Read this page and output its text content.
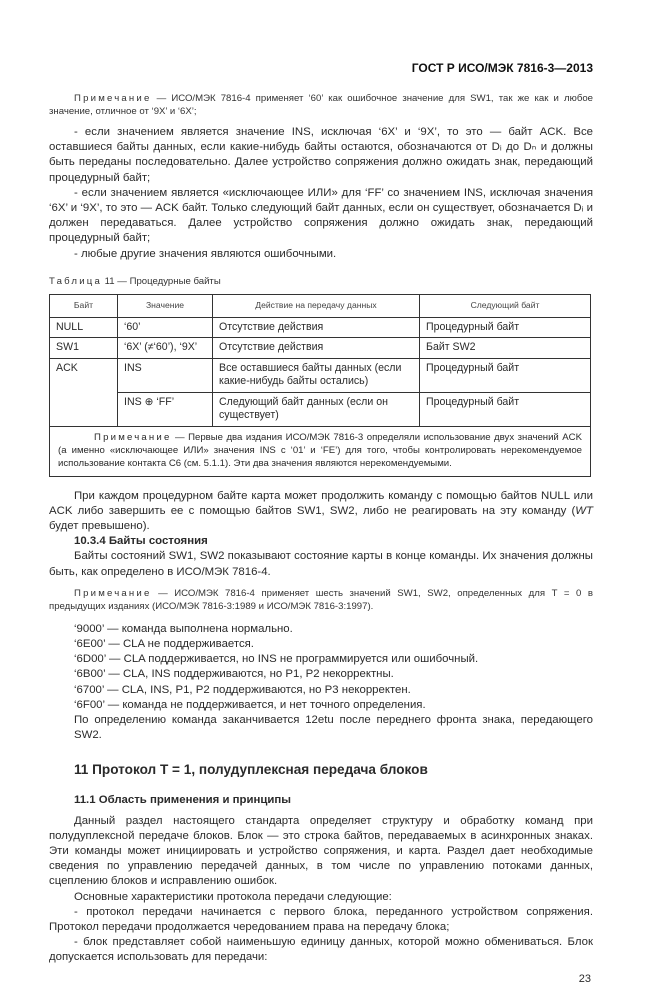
ГОСТ Р ИСО/МЭК 7816-3—2013

Примечание — ИСО/МЭК 7816-4 применяет ‘60’ как ошибочное значение для SW1, так же как и любое значение, отличное от ‘9X’ и ‘6X’;

- если значением является значение INS, исключая ‘6X’ и ‘9X’, то это — байт ACK. Все оставшиеся байты данных, если какие-нибудь байты остаются, обозначаются от Dᵢ до Dₙ и должны быть переданы последовательно. Далее устройство сопряжения должно ожидать знак, передающий процедурный байт;

- если значением является «исключающее ИЛИ» для ‘FF’ со значением INS, исключая значения ‘6X’ и ‘9X’, то это — ACK байт. Только следующий байт данных, если он существует, обозначается Dᵢ и должен передаваться. Далее устройство сопряжения должно ожидать знак, передающий процедурный байт;

- любые другие значения являются ошибочными.

Таблица 11 — Процедурные байты

Байт	Значение	Действие на передачу данных	Следующий байт
NULL	‘60’	Отсутствие действия	Процедурный байт
SW1	‘6X’ (≠‘60’), ‘9X’	Отсутствие действия	Байт SW2
ACK	INS	Все оставшиеся байты данных (если какие-нибудь байты остались)	Процедурный байт
	INS ⊕ ‘FF’	Следующий байт данных (если он существует)	Процедурный байт
Примечание — Первые два издания ИСО/МЭК 7816-3 определяли использование двух значений ACK (а именно «исключающее ИЛИ» значения INS с ‘01’ и ‘FE’) для того, чтобы контролировать нерекомендуемое использование контакта C6 (см. 5.1.1). Эти два значения являются нерекомендуемыми.			

При каждом процедурном байте карта может продолжить команду с помощью байтов NULL или ACK либо завершить ее с помощью байтов SW1, SW2, либо не реагировать на эту команду (WT будет превышено).

10.3.4 Байты состояния

Байты состояний SW1, SW2 показывают состояние карты в конце команды. Их значения должны быть, как определено в ИСО/МЭК 7816-4.

Примечание — ИСО/МЭК 7816-4 применяет шесть значений SW1, SW2, определенных для T = 0 в предыдущих изданиях (ИСО/МЭК 7816-3:1989 и ИСО/МЭК 7816-3:1997).

‘9000’ — команда выполнена нормально.

‘6E00’ — CLA не поддерживается.

‘6D00’ — CLA поддерживается, но INS не программируется или ошибочный.

‘6B00’ — CLA, INS поддерживаются, но P1, P2 некорректны.

‘6700’ — CLA, INS, P1, P2 поддерживаются, но P3 некорректен.

‘6F00’ — команда не поддерживается, и нет точного определения.

По определению команда заканчивается 12etu после переднего фронта знака, передающего SW2.

11 Протокол T = 1, полудуплексная передача блоков
11.1 Область применения и принципы

Данный раздел настоящего стандарта определяет структуру и обработку команд при полудуплексной передаче блоков. Блок — это строка байтов, передаваемых в асинхронных знаках. Эти команды может инициировать и устройство сопряжения, и карта. Раздел дает необходимые сведения по управлению передачей данных, в том числе по управлению потоками данных, сцеплению блоков и исправлению ошибок.

Основные характеристики протокола передачи следующие:

- протокол передачи начинается с первого блока, переданного устройством сопряжения. Протокол передачи продолжается чередованием права на передачу блока;

- блок представляет собой наименьшую единицу данных, которой можно обмениваться. Блок допускается использовать для передачи:

23
